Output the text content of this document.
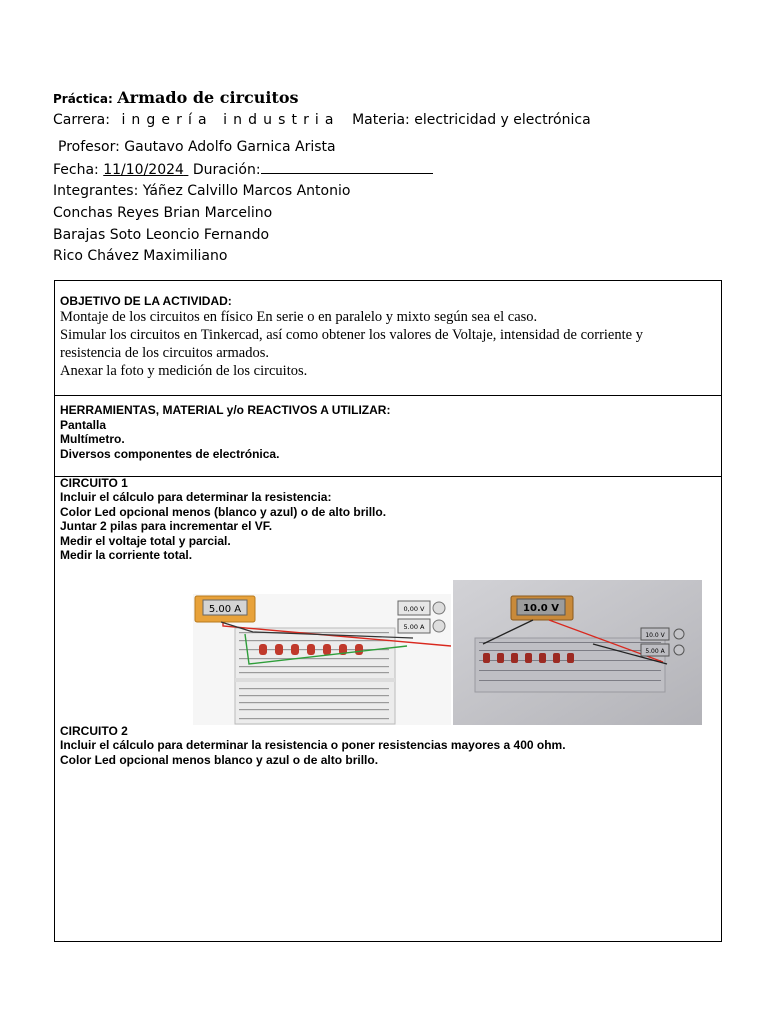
Práctica: Armado de circuitos
Carrera: ingería industria Materia: electricidad y electrónica
Profesor: Gautavo Adolfo Garnica Arista
Fecha: 11/10/2024 Duración:
Integrantes: Yáñez Calvillo Marcos Antonio
Conchas Reyes Brian Marcelino
Barajas Soto Leoncio Fernando
Rico Chávez Maximiliano
OBJETIVO DE LA ACTIVIDAD:
Montaje de los circuitos en físico En serie o en paralelo y mixto según sea el caso.
Simular los circuitos en Tinkercad, así como obtener los valores de Voltaje, intensidad de corriente y
resistencia de los circuitos armados.
Anexar la foto y medición de los circuitos.
HERRAMIENTAS, MATERIAL y/o REACTIVOS A UTILIZAR:
Pantalla
Multímetro.
Diversos componentes de electrónica.
CIRCUITO 1
Incluir el cálculo para determinar la resistencia:
Color Led opcional menos (blanco y azul) o de alto brillo.
Juntar 2 pilas para incrementar el VF.
Medir el voltaje total y parcial.
Medir la corriente total.
5.00 A	0,00 V
5.00 A
10.0 V
10.0 V
5.00 A
CIRCUITO 2
Incluir el cálculo para determinar la resistencia o poner resistencias mayores a 400 ohm.
Color Led opcional menos blanco y azul o de alto brillo.
